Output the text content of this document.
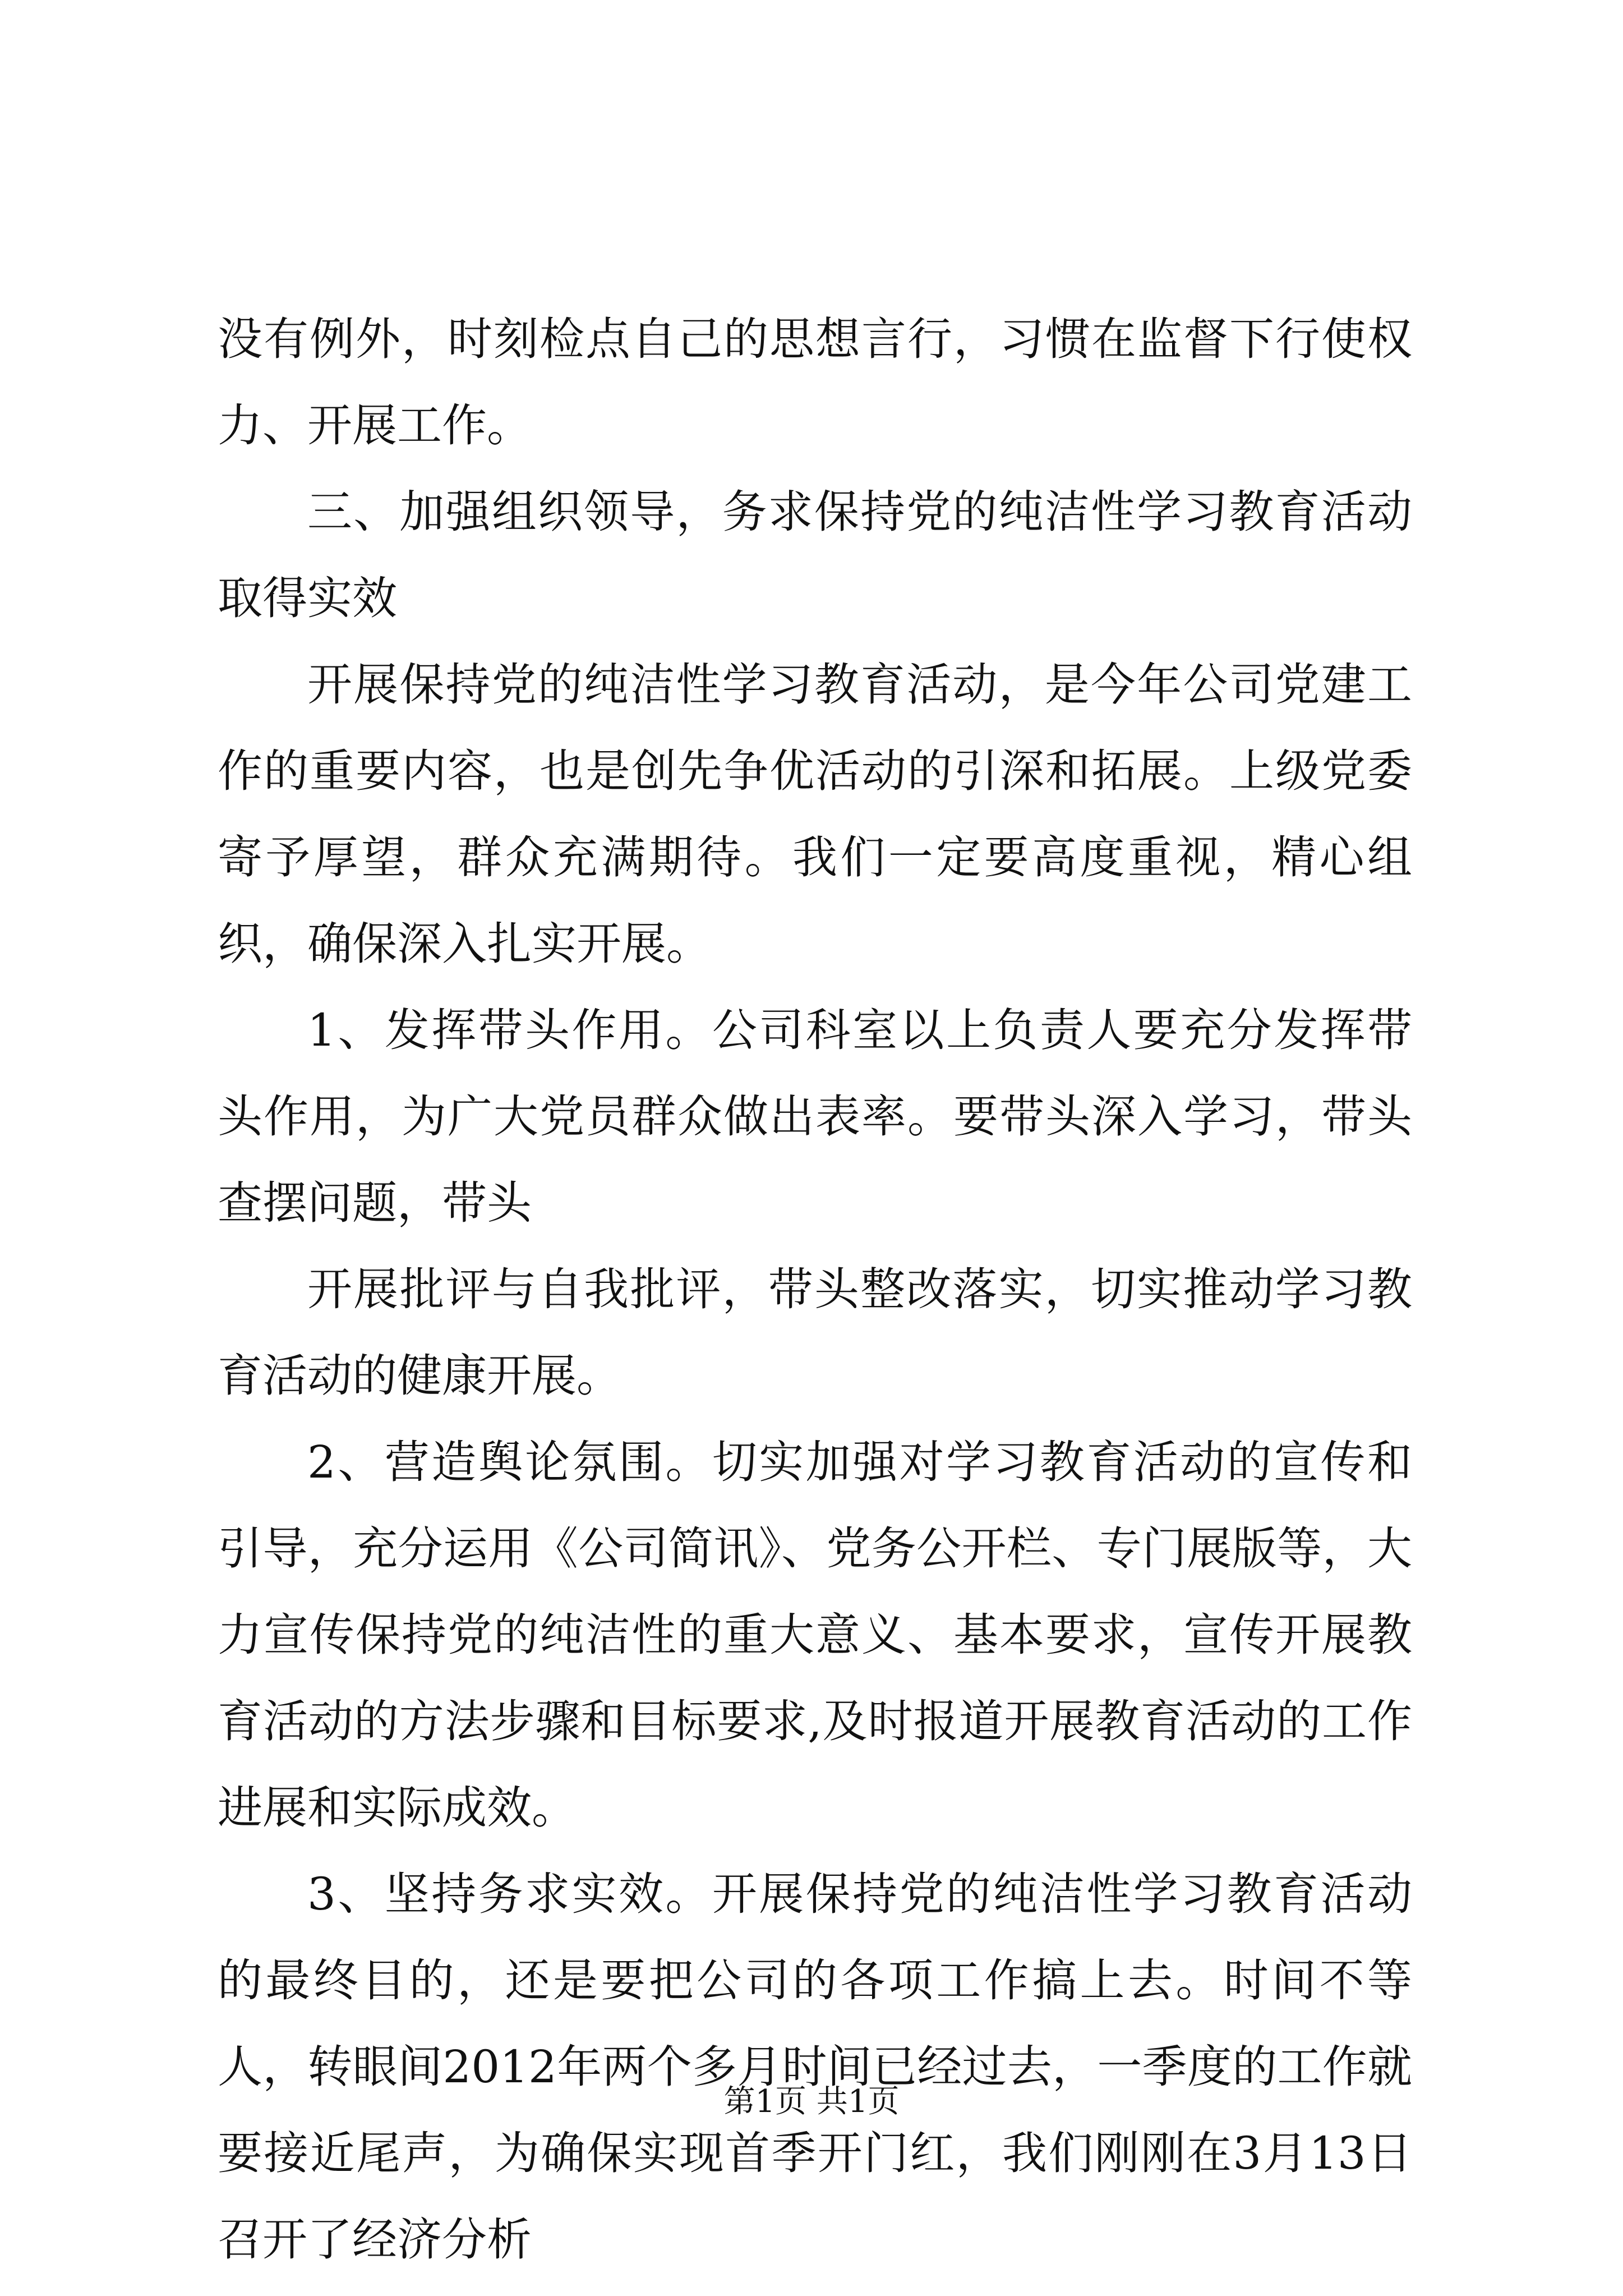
没有例外，时刻检点自己的思想言行，习惯在监督下行使权力、开展工作。

三、加强组织领导，务求保持党的纯洁性学习教育活动取得实效

开展保持党的纯洁性学习教育活动，是今年公司党建工作的重要内容，也是创先争优活动的引深和拓展。上级党委寄予厚望，群众充满期待。我们一定要高度重视，精心组织，确保深入扎实开展。

1、发挥带头作用。公司科室以上负责人要充分发挥带头作用，为广大党员群众做出表率。要带头深入学习，带头查摆问题，带头

开展批评与自我批评，带头整改落实，切实推动学习教育活动的健康开展。

2、营造舆论氛围。切实加强对学习教育活动的宣传和引导，充分运用《公司简讯》、党务公开栏、专门展版等，大力宣传保持党的纯洁性的重大意义、基本要求，宣传开展教育活动的方法步骤和目标要求,及时报道开展教育活动的工作进展和实际成效。

3、坚持务求实效。开展保持党的纯洁性学习教育活动的最终目的，还是要把公司的各项工作搞上去。时间不等人，转眼间2012年两个多月时间已经过去，一季度的工作就要接近尾声，为确保实现首季开门红，我们刚刚在3月13日召开了经济分析

第1页 共1页
